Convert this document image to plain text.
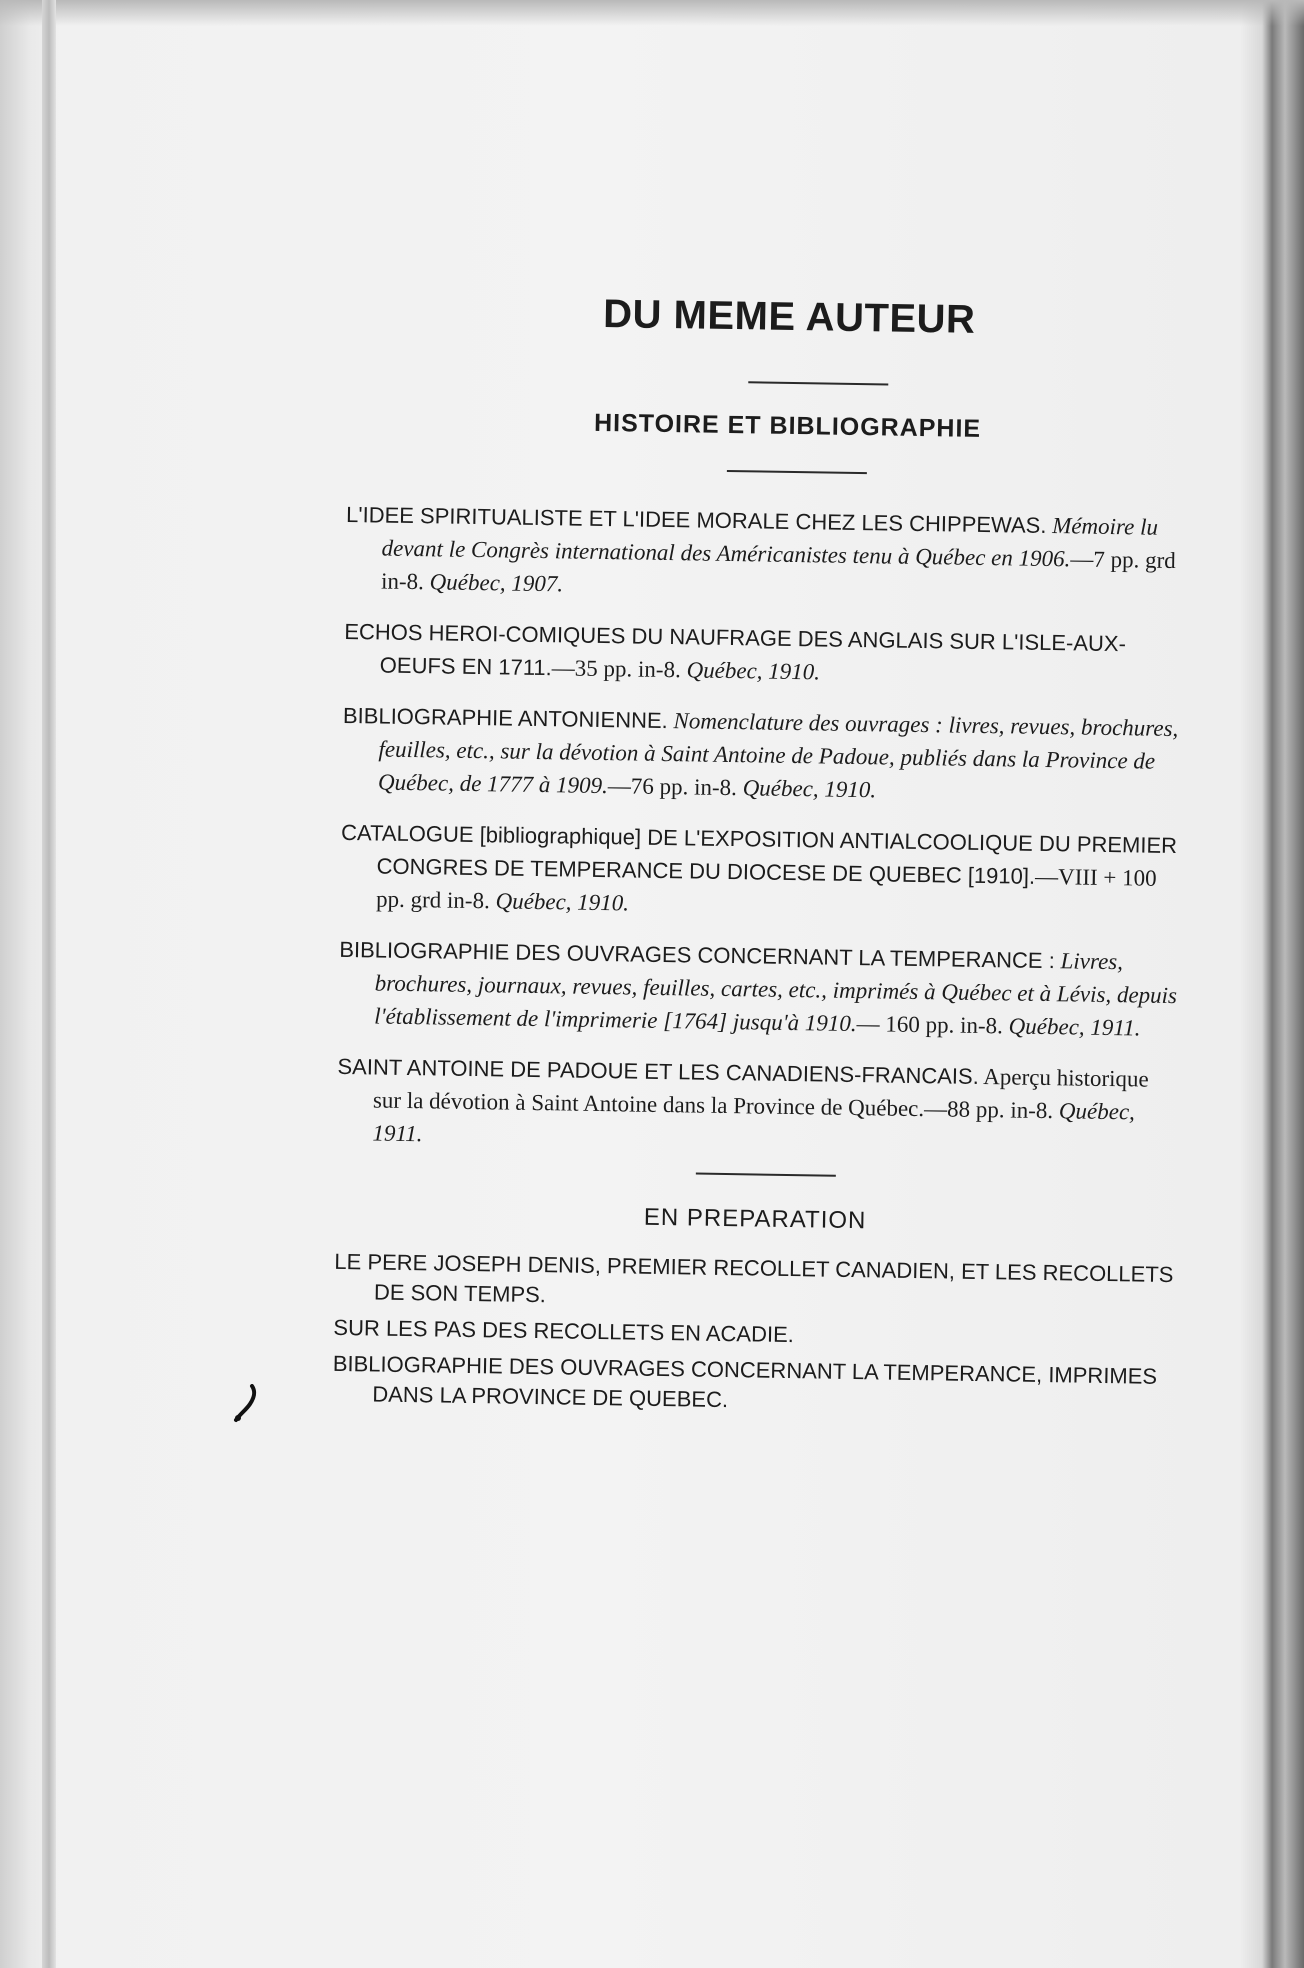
DU MEME AUTEUR
HISTOIRE ET BIBLIOGRAPHIE
L'IDEE SPIRITUALISTE ET L'IDEE MORALE CHEZ LES CHIPPEWAS. Mémoire lu devant le Congrès international des Américanistes tenu à Québec en 1906.—7 pp. grd in-8. Québec, 1907.
ECHOS HEROI-COMIQUES DU NAUFRAGE DES ANGLAIS SUR L'ISLE-AUX-OEUFS EN 1711.—35 pp. in-8. Québec, 1910.
BIBLIOGRAPHIE ANTONIENNE. Nomenclature des ouvrages : livres, revues, brochures, feuilles, etc., sur la dévotion à Saint Antoine de Padoue, publiés dans la Province de Québec, de 1777 à 1909.—76 pp. in-8. Québec, 1910.
CATALOGUE [bibliographique] DE L'EXPOSITION ANTIALCOOLIQUE DU PREMIER CONGRES DE TEMPERANCE DU DIOCESE DE QUEBEC [1910].—VIII + 100 pp. grd in-8. Québec, 1910.
BIBLIOGRAPHIE DES OUVRAGES CONCERNANT LA TEMPERANCE : Livres, brochures, journaux, revues, feuilles, cartes, etc., imprimés à Québec et à Lévis, depuis l'établissement de l'imprimerie [1764] jusqu'à 1910.— 160 pp. in-8. Québec, 1911.
SAINT ANTOINE DE PADOUE ET LES CANADIENS-FRANCAIS. Aperçu historique sur la dévotion à Saint Antoine dans la Province de Québec.—88 pp. in-8. Québec, 1911.
EN PREPARATION
LE PERE JOSEPH DENIS, PREMIER RECOLLET CANADIEN, ET LES RECOLLETS DE SON TEMPS.
SUR LES PAS DES RECOLLETS EN ACADIE.
BIBLIOGRAPHIE DES OUVRAGES CONCERNANT LA TEMPERANCE, IMPRIMES DANS LA PROVINCE DE QUEBEC.
